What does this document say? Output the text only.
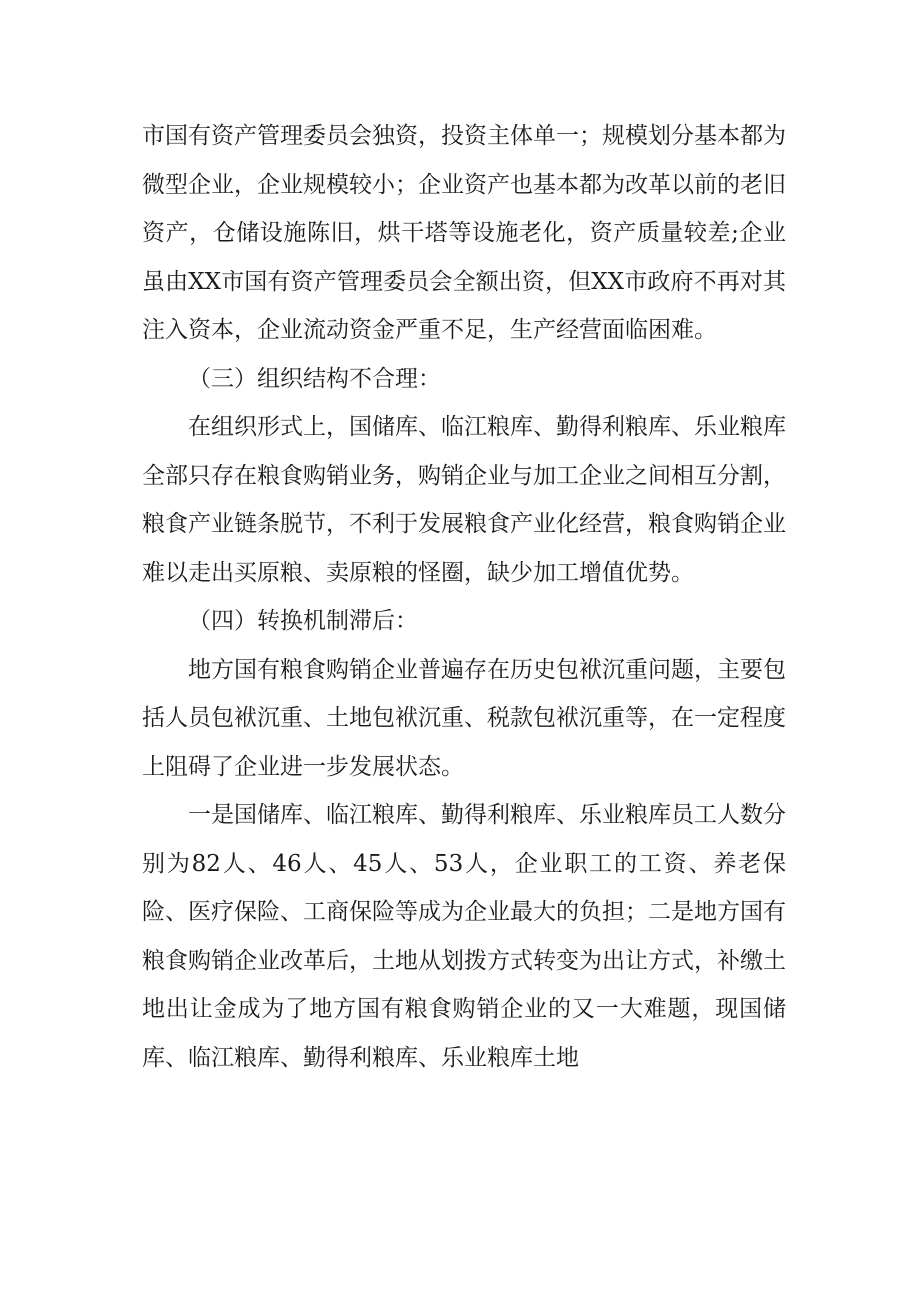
市国有资产管理委员会独资，投资主体单一；规模划分基本都为微型企业，企业规模较小；企业资产也基本都为改革以前的老旧资产，仓储设施陈旧，烘干塔等设施老化，资产质量较差;企业虽由XX市国有资产管理委员会全额出资，但XX市政府不再对其注入资本，企业流动资金严重不足，生产经营面临困难。

（三）组织结构不合理：

在组织形式上，国储库、临江粮库、勤得利粮库、乐业粮库全部只存在粮食购销业务，购销企业与加工企业之间相互分割，粮食产业链条脱节，不利于发展粮食产业化经营，粮食购销企业难以走出买原粮、卖原粮的怪圈，缺少加工增值优势。

（四）转换机制滞后：

地方国有粮食购销企业普遍存在历史包袱沉重问题，主要包括人员包袱沉重、土地包袱沉重、税款包袱沉重等，在一定程度上阻碍了企业进一步发展状态。

一是国储库、临江粮库、勤得利粮库、乐业粮库员工人数分别为82人、46人、45人、53人，企业职工的工资、养老保险、医疗保险、工商保险等成为企业最大的负担；二是地方国有粮食购销企业改革后，土地从划拨方式转变为出让方式，补缴土地出让金成为了地方国有粮食购销企业的又一大难题，现国储库、临江粮库、勤得利粮库、乐业粮库土地
